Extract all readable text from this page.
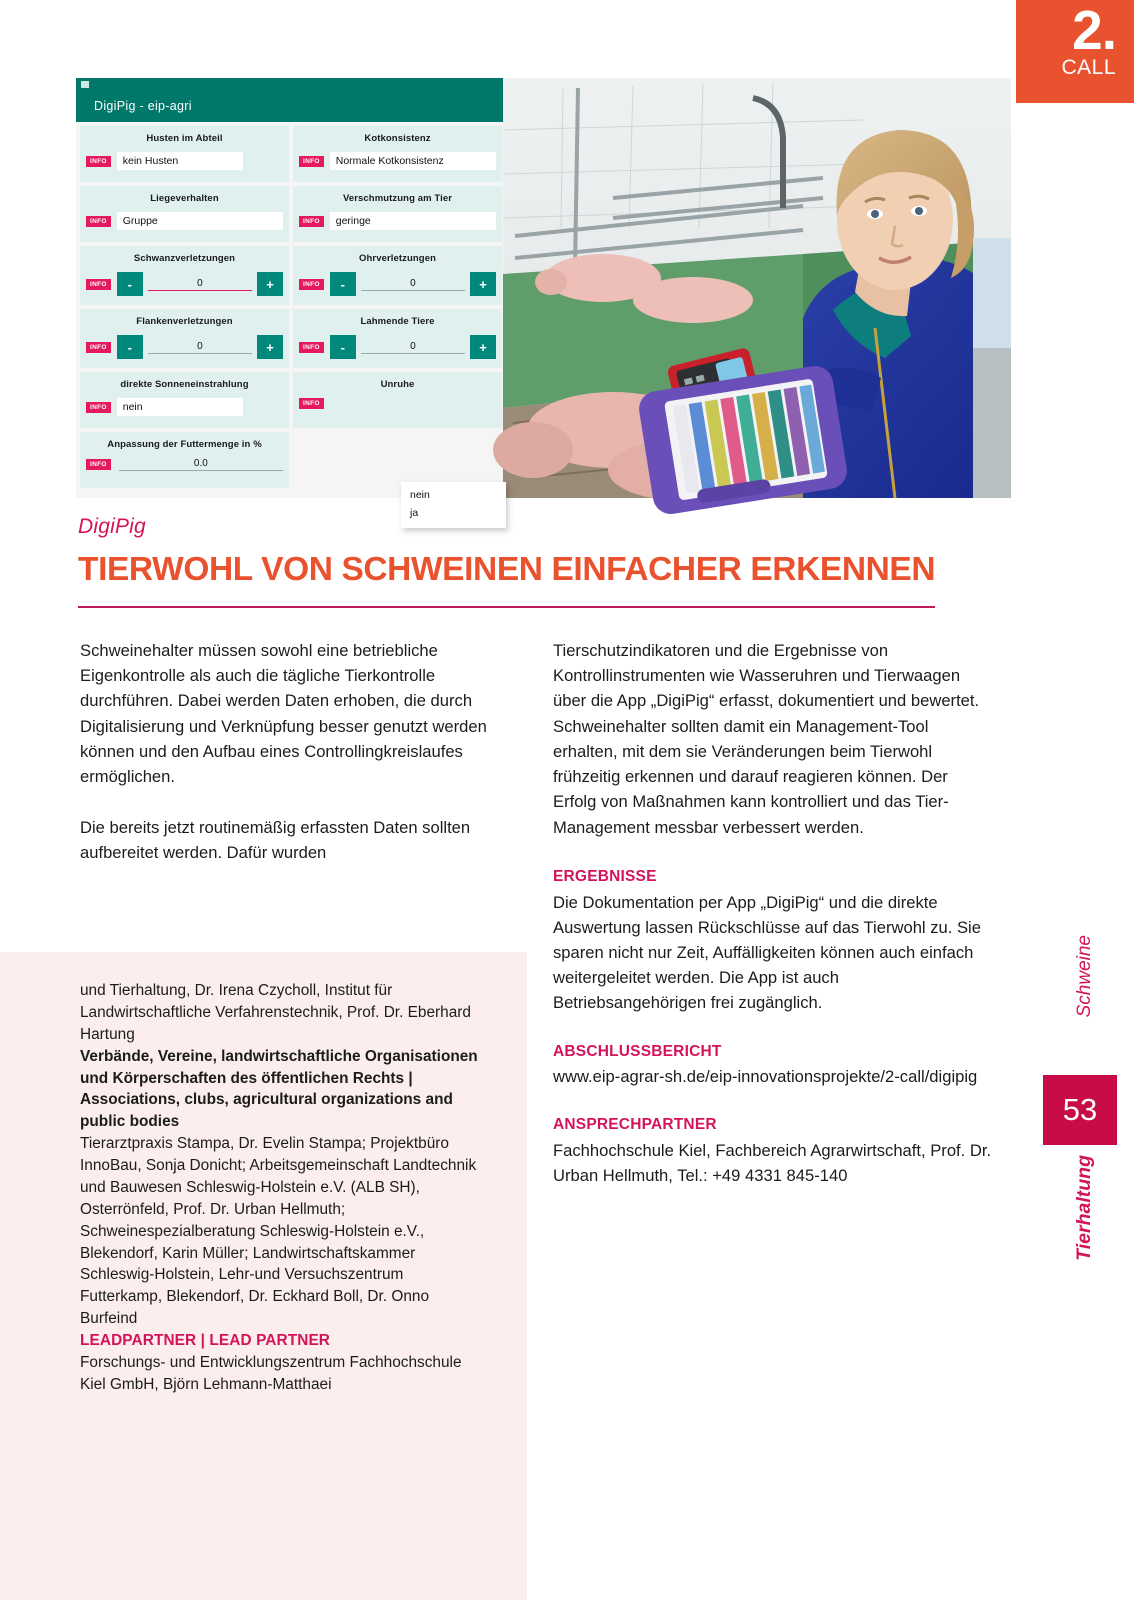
2.
CALL
DigiPig - eip-agri
Husten im Abteil
INFO	kein Husten
Kotkonsistenz
INFO	Normale Kotkonsistenz
Liegeverhalten
INFO	Gruppe
Verschmutzung am Tier
INFO	geringe
Schwanzverletzungen
INFO	-	0	+
Ohrverletzungen
INFO	-	0	+
Flankenverletzungen
INFO	-	0	+
Lahmende Tiere
INFO	-	0	+
direkte Sonneneinstrahlung
INFO	nein
Unruhe
INFO
Anpassung der Futtermenge in %
INFO	0.0
nein
ja
DigiPig
TIERWOHL VON SCHWEINEN EINFACHER ERKENNEN

Schweinehalter müssen sowohl eine betriebliche Eigenkontrolle als auch die tägliche Tierkontrolle durchführen. Dabei werden Daten erhoben, die durch Digitalisierung und Verknüpfung besser genutzt werden können und den Aufbau eines Controllingkreislaufes ermöglichen.

Die bereits jetzt routinemäßig erfassten Daten sollten aufbereitet werden. Dafür wurden

Tierschutzindikatoren und die Ergebnisse von Kontrollinstrumenten wie Wasseruhren und Tierwaagen über die App „DigiPig“ erfasst, dokumentiert und bewertet. Schweinehalter sollten damit ein Management-Tool erhalten, mit dem sie Veränderungen beim Tierwohl frühzeitig erkennen und darauf reagieren können. Der Erfolg von Maßnahmen kann kontrolliert und das Tier-Management messbar verbessert werden.

ERGEBNISSE
Die Dokumentation per App „DigiPig“ und die direkte Auswertung lassen Rückschlüsse auf das Tierwohl zu. Sie sparen nicht nur Zeit, Auffälligkeiten können auch einfach weitergeleitet werden. Die App ist auch Betriebsangehörigen frei zugänglich.
ABSCHLUSSBERICHT
www.eip-agrar-sh.de/eip-innovationsprojekte/2-call/digipig
ANSPRECHPARTNER
Fachhochschule Kiel, Fachbereich Agrarwirtschaft, Prof. Dr. Urban Hellmuth, Tel.: +49 4331 845-140
und Tierhaltung, Dr. Irena Czycholl, Institut für Landwirtschaftliche Verfahrenstechnik, Prof. Dr. Eberhard Hartung
Verbände, Vereine, landwirtschaftliche Organisationen und Körperschaften des öffentlichen Rechts | Associations, clubs, agricultural organizations and public bodies
Tierarztpraxis Stampa, Dr. Evelin Stampa; Projektbüro InnoBau, Sonja Donicht; Arbeitsgemeinschaft Landtechnik und Bauwesen Schleswig-Holstein e.V. (ALB SH), Osterrönfeld, Prof. Dr. Urban Hellmuth; Schweinespezialberatung Schleswig-Holstein e.V., Blekendorf, Karin Müller; Landwirtschaftskammer Schleswig-Holstein, Lehr-und Versuchszentrum Futterkamp, Blekendorf, Dr. Eckhard Boll, Dr. Onno Burfeind
LEADPARTNER | LEAD PARTNER
Forschungs- und Entwicklungszentrum Fachhochschule Kiel GmbH, Björn Lehmann-Matthaei
Schweine
53
Tierhaltung
